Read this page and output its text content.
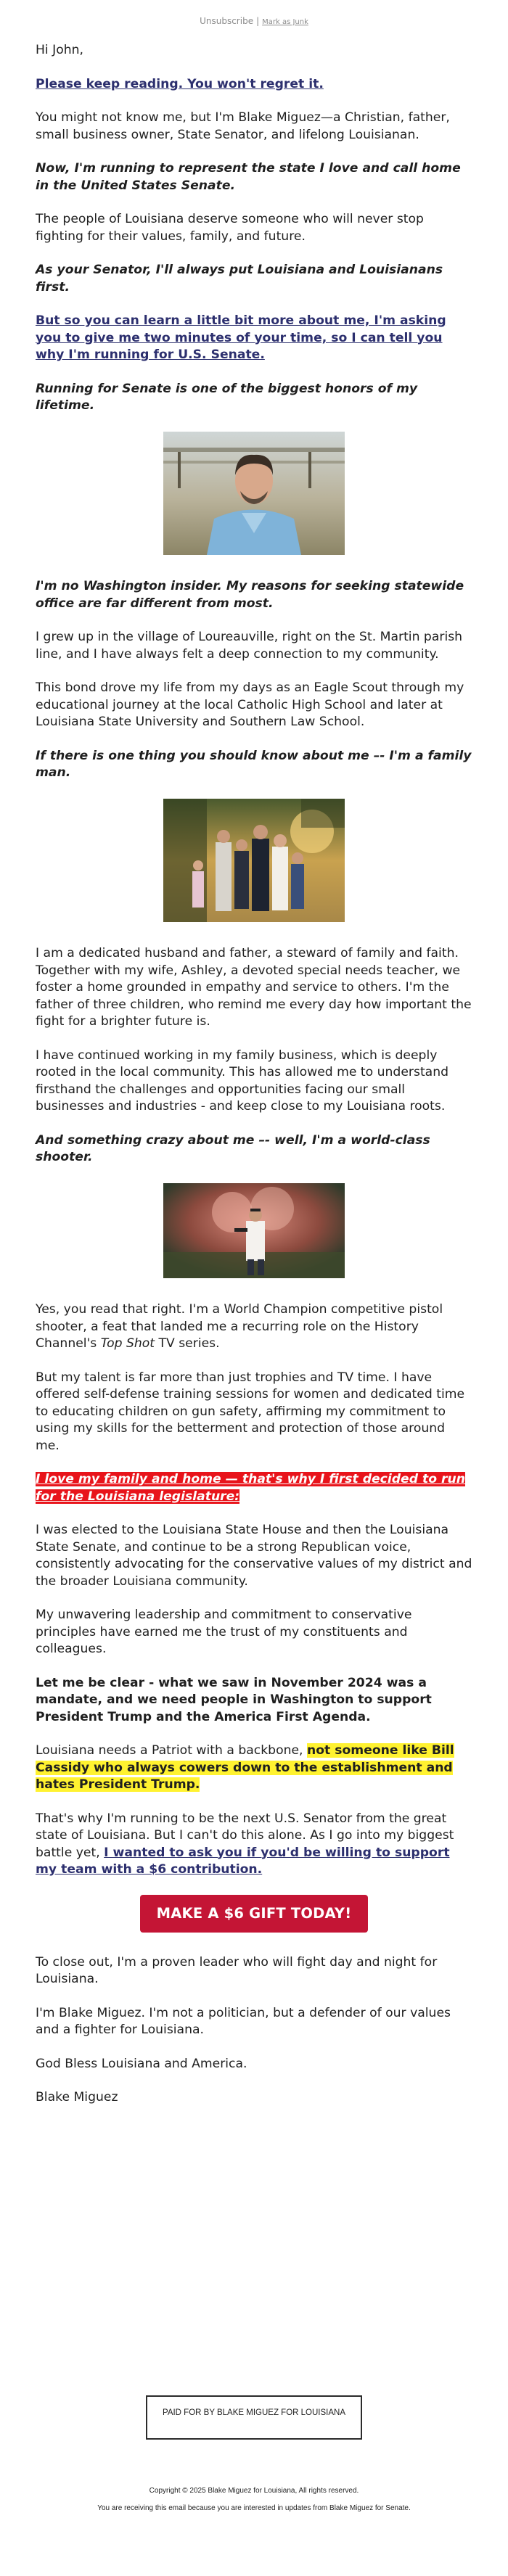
Unsubscribe | Mark as Junk

Hi John,

Please keep reading. You won't regret it.

You might not know me, but I'm Blake Miguez—a Christian, father, small business owner, State Senator, and lifelong Louisianan.

Now, I'm running to represent the state I love and call home in the United States Senate.

The people of Louisiana deserve someone who will never stop fighting for their values, family, and future.

As your Senator, I'll always put Louisiana and Louisianans first.

But so you can learn a little bit more about me, I'm asking you to give me two minutes of your time, so I can tell you why I'm running for U.S. Senate.

Running for Senate is one of the biggest honors of my lifetime.

I'm no Washington insider. My reasons for seeking statewide office are far different from most.

I grew up in the village of Loureauville, right on the St. Martin parish line, and I have always felt a deep connection to my community.

This bond drove my life from my days as an Eagle Scout through my educational journey at the local Catholic High School and later at Louisiana State University and Southern Law School.

If there is one thing you should know about me –- I'm a family man.

I am a dedicated husband and father, a steward of family and faith. Together with my wife, Ashley, a devoted special needs teacher, we foster a home grounded in empathy and service to others. I'm the father of three children, who remind me every day how important the fight for a brighter future is.

I have continued working in my family business, which is deeply rooted in the local community. This has allowed me to understand firsthand the challenges and opportunities facing our small businesses and industries - and keep close to my Louisiana roots.

And something crazy about me –- well, I'm a world-class shooter.

Yes, you read that right. I'm a World Champion competitive pistol shooter, a feat that landed me a recurring role on the History Channel's Top Shot TV series.

But my talent is far more than just trophies and TV time. I have offered self-defense training sessions for women and dedicated time to educating children on gun safety, affirming my commitment to using my skills for the betterment and protection of those around me.

I love my family and home — that's why I first decided to run for the Louisiana legislature:

I was elected to the Louisiana State House and then the Louisiana State Senate, and continue to be a strong Republican voice, consistently advocating for the conservative values of my district and the broader Louisiana community.

My unwavering leadership and commitment to conservative principles have earned me the trust of my constituents and colleagues.

Let me be clear - what we saw in November 2024 was a mandate, and we need people in Washington to support President Trump and the America First Agenda.

Louisiana needs a Patriot with a backbone, not someone like Bill Cassidy who always cowers down to the establishment and hates President Trump.

That's why I'm running to be the next U.S. Senator from the great state of Louisiana. But I can't do this alone. As I go into my biggest battle yet, I wanted to ask you if you'd be willing to support my team with a $6 contribution.

MAKE A $6 GIFT TODAY!

To close out, I'm a proven leader who will fight day and night for Louisiana.

I'm Blake Miguez. I'm not a politician, but a defender of our values and a fighter for Louisiana.

God Bless Louisiana and America.

Blake Miguez

PAID FOR BY BLAKE MIGUEZ FOR LOUISIANA
Copyright © 2025 Blake Miguez for Louisiana, All rights reserved.
You are receiving this email because you are interested in updates from Blake Miguez for Senate.
